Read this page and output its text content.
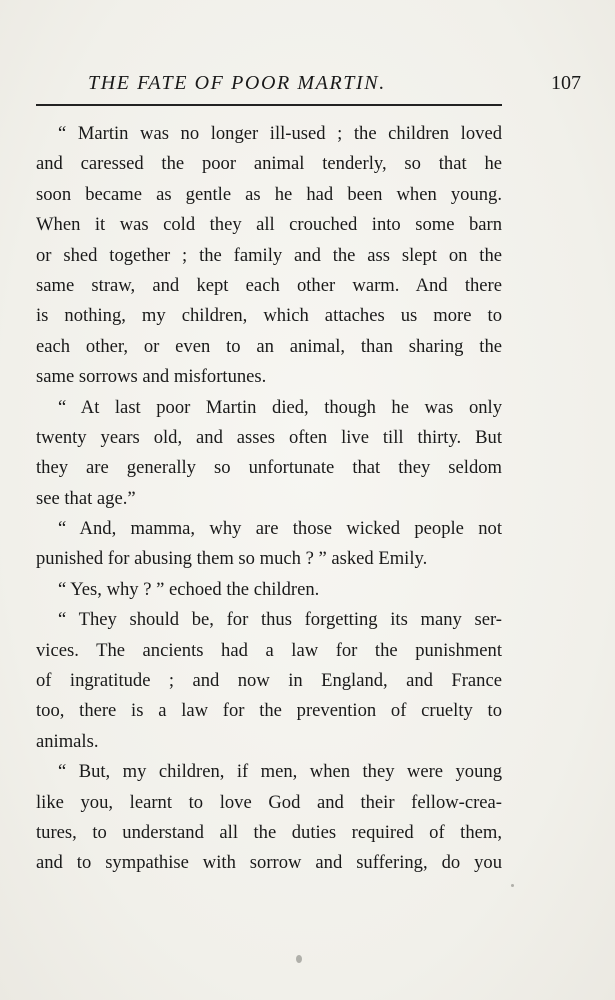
THE FATE OF POOR MARTIN.	107
“ Martin was no longer ill-used ; the children loved
and caressed the poor animal tenderly, so that he
soon became as gentle as he had been when young.
When it was cold they all crouched into some barn
or shed together ; the family and the ass slept on the
same straw, and kept each other warm. And there
is nothing, my children, which attaches us more to
each other, or even to an animal, than sharing the
same sorrows and misfortunes.
“ At last poor Martin died, though he was only
twenty years old, and asses often live till thirty. But
they are generally so unfortunate that they seldom
see that age.”
“ And, mamma, why are those wicked people not
punished for abusing them so much ? ” asked Emily.
“ Yes, why ? ” echoed the children.
“ They should be, for thus forgetting its many ser-
vices. The ancients had a law for the punishment
of ingratitude ; and now in England, and France
too, there is a law for the prevention of cruelty to
animals.
“ But, my children, if men, when they were young
like you, learnt to love God and their fellow-crea-
tures, to understand all the duties required of them,
and to sympathise with sorrow and suffering, do you
